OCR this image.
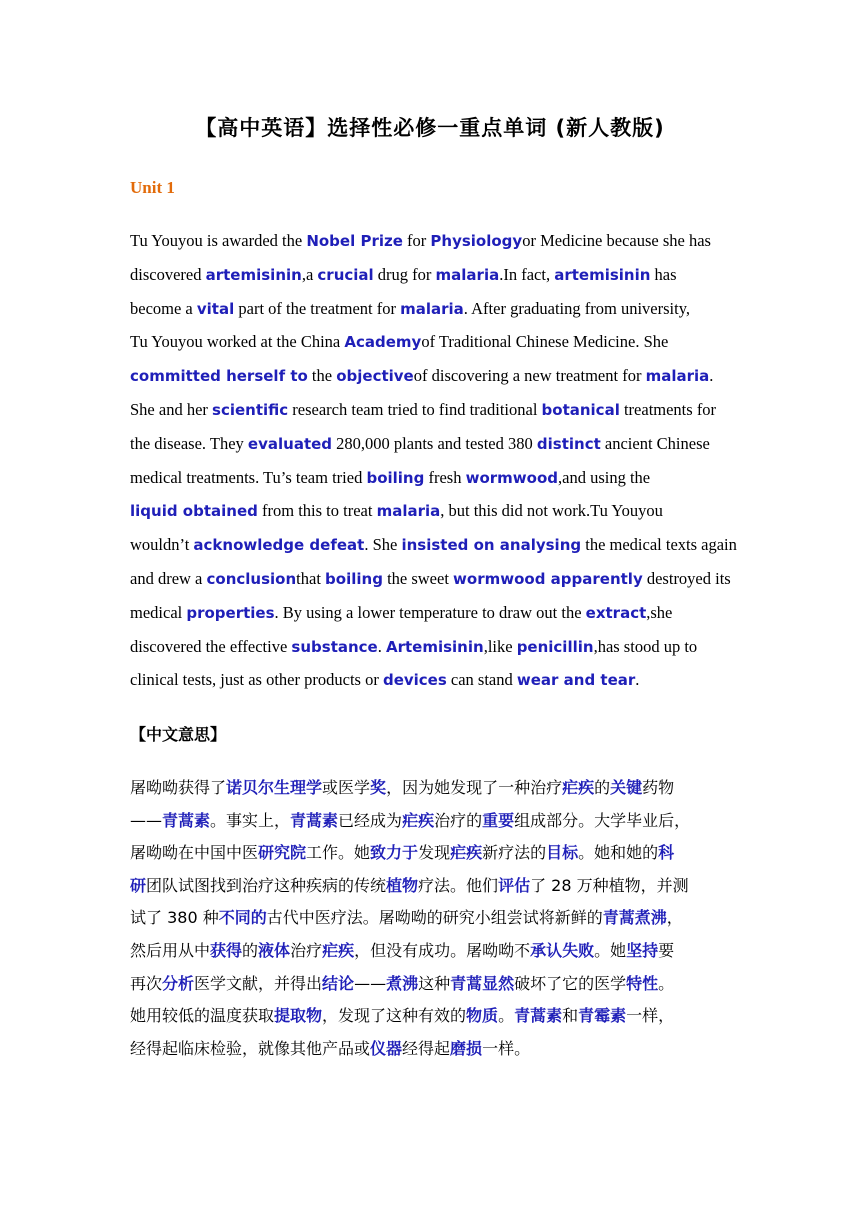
【高中英语】选择性必修一重点单词 (新人教版)
Unit 1
Tu Youyou is awarded the Nobel Prize for Physiologyor Medicine because she has
discovered artemisinin,a crucial drug for malaria.In fact, artemisinin has
become a vital part of the treatment for malaria. After graduating from university,
Tu Youyou worked at the China Academyof Traditional Chinese Medicine. She
committed herself to the objectiveof discovering a new treatment for malaria.
She and her scientific research team tried to find traditional botanical treatments for
the disease. They evaluated 280,000 plants and tested 380 distinct ancient Chinese
medical treatments. Tu’s team tried boiling fresh wormwood,and using the
liquid obtained from this to treat malaria, but this did not work.Tu Youyou
wouldn’t acknowledge defeat. She insisted on analysing the medical texts again
and drew a conclusionthat boiling the sweet wormwood apparently destroyed its
medical properties. By using a lower temperature to draw out the extract,she
discovered the effective substance. Artemisinin,like penicillin,has stood up to
clinical tests, just as other products or devices can stand wear and tear.
【中文意思】
屠呦呦获得了诺贝尔生理学或医学奖，因为她发现了一种治疗疟疾的关键药物
——青蒿素。事实上，青蒿素已经成为疟疾治疗的重要组成部分。大学毕业后，
屠呦呦在中国中医研究院工作。她致力于发现疟疾新疗法的目标。她和她的科
研团队试图找到治疗这种疾病的传统植物疗法。他们评估了 28 万种植物，并测
试了 380 种不同的古代中医疗法。屠呦呦的研究小组尝试将新鲜的青蒿煮沸，
然后用从中获得的液体治疗疟疾，但没有成功。屠呦呦不承认失败。她坚持要
再次分析医学文献，并得出结论——煮沸这种青蒿显然破坏了它的医学特性。
她用较低的温度获取提取物，发现了这种有效的物质。青蒿素和青霉素一样，
经得起临床检验，就像其他产品或仪器经得起磨损一样。
